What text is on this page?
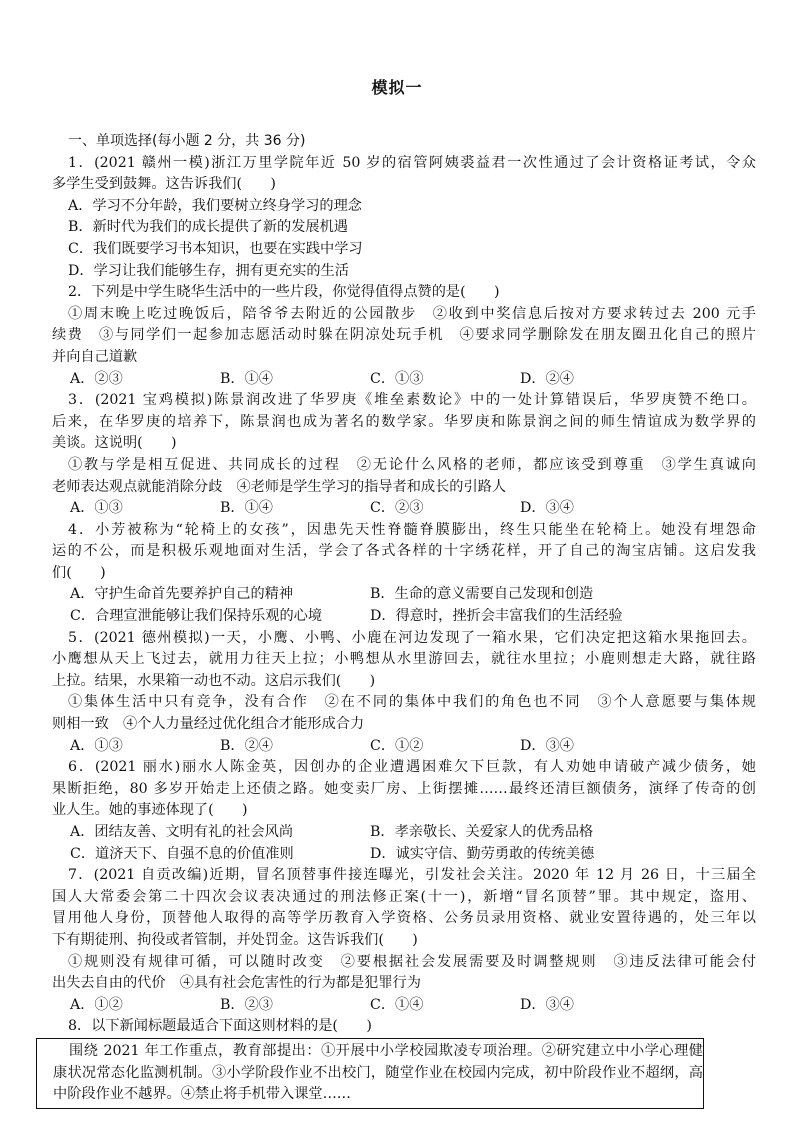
模拟一
一、单项选择(每小题 2 分，共 36 分)
1．(2021 赣州一模)浙江万里学院年近 50 岁的宿管阿姨裘益君一次性通过了会计资格证考试，令众
多学生受到鼓舞。这告诉我们(　　)
A．学习不分年龄，我们要树立终身学习的理念
B．新时代为我们的成长提供了新的发展机遇
C．我们既要学习书本知识，也要在实践中学习
D．学习让我们能够生存，拥有更充实的生活
2．下列是中学生晓华生活中的一些片段，你觉得值得点赞的是(　　)
①周末晚上吃过晚饭后，陪爷爷去附近的公园散步　②收到中奖信息后按对方要求转过去 200 元手
续费　③与同学们一起参加志愿活动时躲在阴凉处玩手机　④要求同学删除发在朋友圈丑化自己的照片
并向自己道歉
A．②③	B．①④	C．①③	D．②④
3．(2021 宝鸡模拟)陈景润改进了华罗庚《堆垒素数论》中的一处计算错误后，华罗庚赞不绝口。
后来，在华罗庚的培养下，陈景润也成为著名的数学家。华罗庚和陈景润之间的师生情谊成为数学界的
美谈。这说明(　　)
①教与学是相互促进、共同成长的过程　②无论什么风格的老师，都应该受到尊重　③学生真诚向
老师表达观点就能消除分歧　④老师是学生学习的指导者和成长的引路人
A．①③	B．①④	C．②③	D．③④
4．小芳被称为“轮椅上的女孩”，因患先天性脊髓脊膜膨出，终生只能坐在轮椅上。她没有埋怨命
运的不公，而是积极乐观地面对生活，学会了各式各样的十字绣花样，开了自己的淘宝店铺。这启发我
们(　　)
A．守护生命首先要养护自己的精神	B．生命的意义需要自己发现和创造
C．合理宣泄能够让我们保持乐观的心境	D．得意时，挫折会丰富我们的生活经验
5．(2021 德州模拟)一天，小鹰、小鸭、小鹿在河边发现了一箱水果，它们决定把这箱水果拖回去。
小鹰想从天上飞过去，就用力往天上拉；小鸭想从水里游回去，就往水里拉；小鹿则想走大路，就往路
上拉。结果，水果箱一动也不动。这启示我们(　　)
①集体生活中只有竞争，没有合作　②在不同的集体中我们的角色也不同　③个人意愿要与集体规
则相一致　④个人力量经过优化组合才能形成合力
A．①③	B．②④	C．①②	D．③④
6．(2021 丽水)丽水人陈金英，因创办的企业遭遇困难欠下巨款，有人劝她申请破产减少债务，她
果断拒绝，80 多岁开始走上还债之路。她变卖厂房、上街摆摊……最终还清巨额债务，演绎了传奇的创
业人生。她的事迹体现了(　　)
A．团结友善、文明有礼的社会风尚	B．孝亲敬长、关爱家人的优秀品格
C．道济天下、自强不息的价值准则	D．诚实守信、勤劳勇敢的传统美德
7．(2021 自贡改编)近期，冒名顶替事件接连曝光，引发社会关注。2020 年 12 月 26 日，十三届全
国人大常委会第二十四次会议表决通过的刑法修正案(十一)，新增“冒名顶替”罪。其中规定，盗用、
冒用他人身份，顶替他人取得的高等学历教育入学资格、公务员录用资格、就业安置待遇的，处三年以
下有期徒刑、拘役或者管制，并处罚金。这告诉我们(　　)
①规则没有规律可循，可以随时改变　②要根据社会发展需要及时调整规则　③违反法律可能会付
出失去自由的代价　④具有社会危害性的行为都是犯罪行为
A．①②	B．②③	C．①④	D．③④
8．以下新闻标题最适合下面这则材料的是(　　)
围绕 2021 年工作重点，教育部提出：①开展中小学校园欺凌专项治理。②研究建立中小学心理健
康状况常态化监测机制。③小学阶段作业不出校门，随堂作业在校园内完成，初中阶段作业不超纲，高
中阶段作业不越界。④禁止将手机带入课堂……
